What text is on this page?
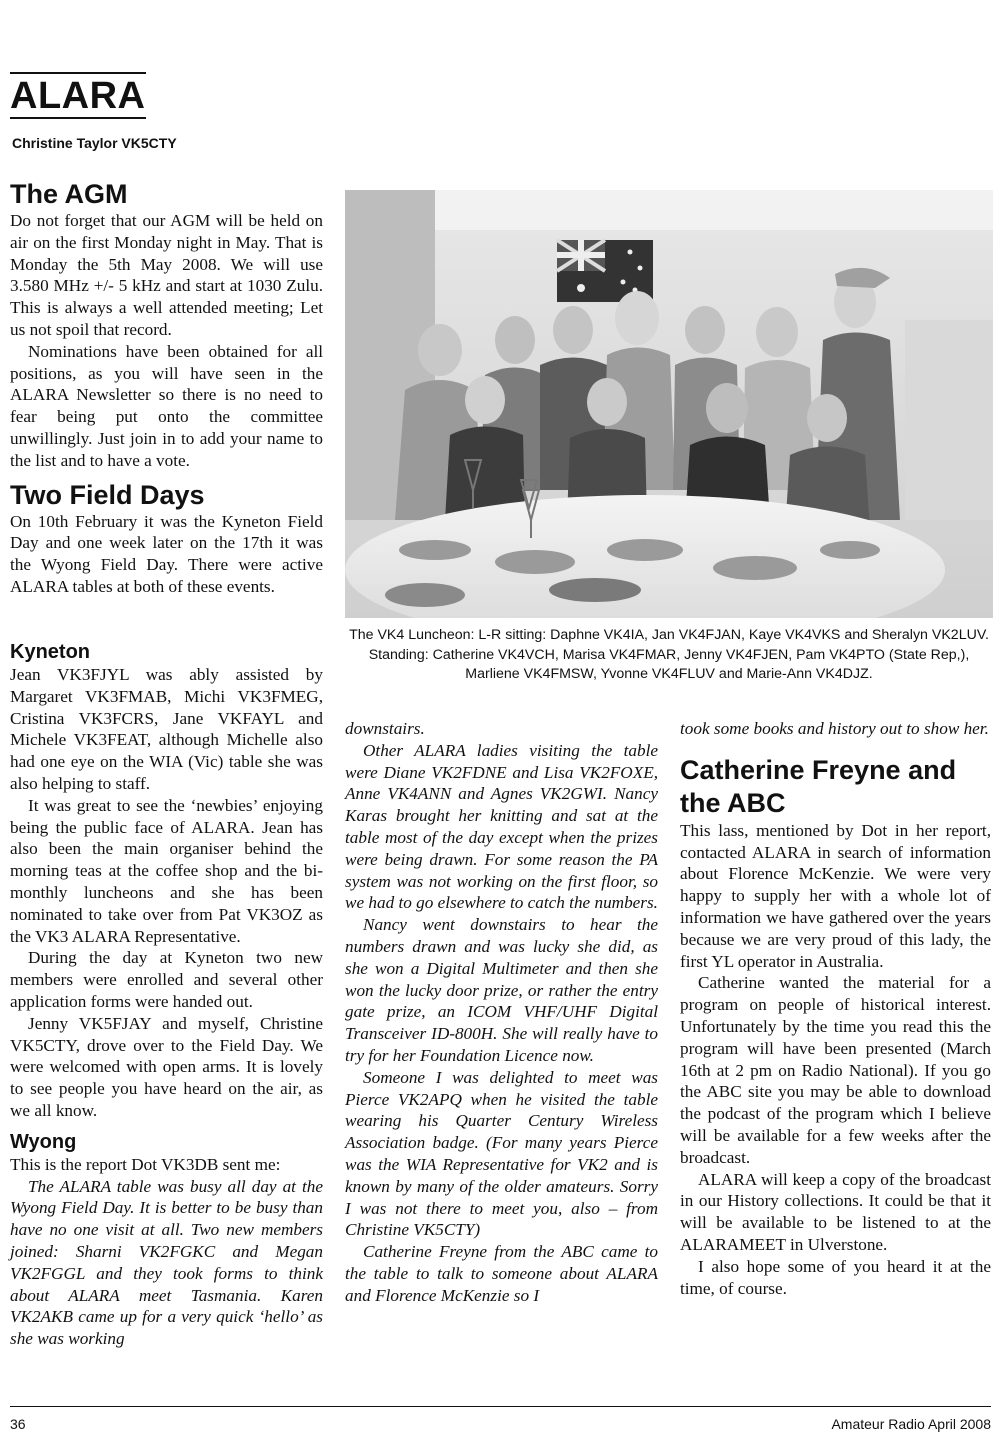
ALARA
Christine Taylor VK5CTY
The AGM

Do not forget that our AGM will be held on air on the first Monday night in May. That is Monday the 5th May 2008. We will use 3.580 MHz +/- 5 kHz and start at 1030 Zulu. This is always a well attended meeting; Let us not spoil that record.

Nominations have been obtained for all positions, as you will have seen in the ALARA Newsletter so there is no need to fear being put onto the committee unwillingly. Just join in to add your name to the list and to have a vote.

Two Field Days

On 10th February it was the Kyneton Field Day and one week later on the 17th it was the Wyong Field Day. There were active ALARA tables at both of these events.

Kyneton

Jean VK3FJYL was ably assisted by Margaret VK3FMAB, Michi VK3FMEG, Cristina VK3FCRS, Jane VKFAYL and Michele VK3FEAT, although Michelle also had one eye on the WIA (Vic) table she was also helping to staff.

It was great to see the ‘newbies’ enjoying being the public face of ALARA. Jean has also been the main organiser behind the morning teas at the coffee shop and the bi-monthly luncheons and she has been nominated to take over from Pat VK3OZ as the VK3 ALARA Representative.

During the day at Kyneton two new members were enrolled and several other application forms were handed out.

Jenny VK5FJAY and myself, Christine VK5CTY, drove over to the Field Day. We were welcomed with open arms. It is lovely to see people you have heard on the air, as we all know.

Wyong

This is the report Dot VK3DB sent me:

The ALARA table was busy all day at the Wyong Field Day. It is better to be busy than have no one visit at all. Two new members joined: Sharni VK2FGKC and Megan VK2FGGL and they took forms to think about ALARA meet Tasmania. Karen VK2AKB came up for a very quick ‘hello’ as she was working

The VK4 Luncheon: L-R sitting: Daphne VK4IA, Jan VK4FJAN, Kaye VK4VKS and Sheralyn VK2LUV.
Standing: Catherine VK4VCH, Marisa VK4FMAR, Jenny VK4FJEN, Pam VK4PTO (State Rep,), Marliene VK4FMSW, Yvonne VK4FLUV and Marie-Ann VK4DJZ.

downstairs.

Other ALARA ladies visiting the table were Diane VK2FDNE and Lisa VK2FOXE, Anne VK4ANN and Agnes VK2GWI. Nancy Karas brought her knitting and sat at the table most of the day except when the prizes were being drawn. For some reason the PA system was not working on the first floor, so we had to go elsewhere to catch the numbers.

Nancy went downstairs to hear the numbers drawn and was lucky she did, as she won a Digital Multimeter and then she won the lucky door prize, or rather the entry gate prize, an ICOM VHF/UHF Digital Transceiver ID-800H. She will really have to try for her Foundation Licence now.

Someone I was delighted to meet was Pierce VK2APQ when he visited the table wearing his Quarter Century Wireless Association badge. (For many years Pierce was the WIA Representative for VK2 and is known by many of the older amateurs. Sorry I was not there to meet you, also – from Christine VK5CTY)

Catherine Freyne from the ABC came to the table to talk to someone about ALARA and Florence McKenzie so I

took some books and history out to show her.

Catherine Freyne and the ABC

This lass, mentioned by Dot in her report, contacted ALARA in search of information about Florence McKenzie. We were very happy to supply her with a whole lot of information we have gathered over the years because we are very proud of this lady, the first YL operator in Australia.

Catherine wanted the material for a program on people of historical interest. Unfortunately by the time you read this the program will have been presented (March 16th at 2 pm on Radio National). If you go the ABC site you may be able to download the podcast of the program which I believe will be available for a few weeks after the broadcast.

ALARA will keep a copy of the broadcast in our History collections. It could be that it will be available to be listened to at the ALARAMEET in Ulverstone.

I also hope some of you heard it at the time, of course.

36	Amateur Radio April 2008
